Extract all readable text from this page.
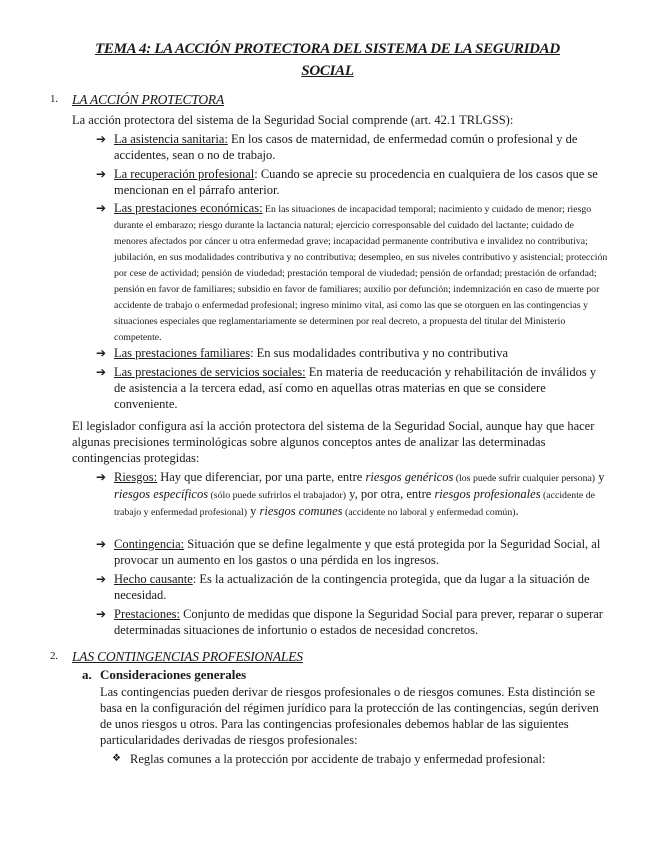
TEMA 4: LA ACCIÓN PROTECTORA DEL SISTEMA DE LA SEGURIDAD
SOCIAL
1. LA ACCIÓN PROTECTORA
La acción protectora del sistema de la Seguridad Social comprende (art. 42.1 TRLGSS):
➔ La asistencia sanitaria: En los casos de maternidad, de enfermedad común o profesional y de accidentes, sean o no de trabajo.
➔ La recuperación profesional: Cuando se aprecie su procedencia en cualquiera de los casos que se mencionan en el párrafo anterior.
➔ Las prestaciones económicas: En las situaciones de incapacidad temporal; nacimiento y cuidado de menor; riesgo durante el embarazo; riesgo durante la lactancia natural; ejercicio corresponsable del cuidado del lactante; cuidado de menores afectados por cáncer u otra enfermedad grave; incapacidad permanente contributiva e invalidez no contributiva; jubilación, en sus modalidades contributiva y no contributiva; desempleo, en sus niveles contributivo y asistencial; protección por cese de actividad; pensión de viudedad; prestación temporal de viudedad; pensión de orfandad; prestación de orfandad; pensión en favor de familiares; subsidio en favor de familiares; auxilio por defunción; indemnización en caso de muerte por accidente de trabajo o enfermedad profesional; ingreso mínimo vital, así como las que se otorguen en las contingencias y situaciones especiales que reglamentariamente se determinen por real decreto, a propuesta del titular del Ministerio competente.
➔ Las prestaciones familiares: En sus modalidades contributiva y no contributiva
➔ Las prestaciones de servicios sociales: En materia de reeducación y rehabilitación de inválidos y de asistencia a la tercera edad, así como en aquellas otras materias en que se considere conveniente.
El legislador configura así la acción protectora del sistema de la Seguridad Social, aunque hay que hacer algunas precisiones terminológicas sobre algunos conceptos antes de analizar las determinadas contingencias protegidas:
➔ Riesgos: Hay que diferenciar, por una parte, entre riesgos genéricos (los puede sufrir cualquier persona) y riesgos específicos (sólo puede sufrirlos el trabajador) y, por otra, entre riesgos profesionales (accidente de trabajo y enfermedad profesional) y riesgos comunes (accidente no laboral y enfermedad común).
➔ Contingencia: Situación que se define legalmente y que está protegida por la Seguridad Social, al provocar un aumento en los gastos o una pérdida en los ingresos.
➔ Hecho causante: Es la actualización de la contingencia protegida, que da lugar a la situación de necesidad.
➔ Prestaciones: Conjunto de medidas que dispone la Seguridad Social para prever, reparar o superar determinadas situaciones de infortunio o estados de necesidad concretos.
2. LAS CONTINGENCIAS PROFESIONALES
a. Consideraciones generales
Las contingencias pueden derivar de riesgos profesionales o de riesgos comunes. Esta distinción se basa en la configuración del régimen jurídico para la protección de las contingencias, según deriven de unos riesgos u otros. Para las contingencias profesionales debemos hablar de las siguientes particularidades derivadas de riesgos profesionales:
❖ Reglas comunes a la protección por accidente de trabajo y enfermedad profesional:
